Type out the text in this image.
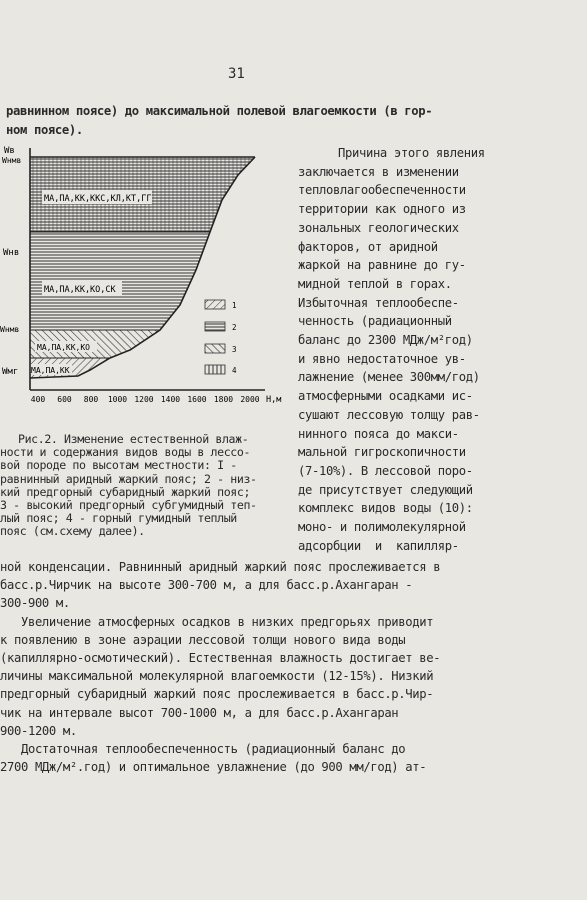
31
равнинном поясе) до максимальной полевой влагоемкости (в гор-
ном поясе).
Причина этого явления
заключается в изменении
тепловлагообеспеченности
территории как одного из
зональных геологических
факторов, от аридной
жаркой на равнине до гу-
мидной теплой в горах.
Избыточная теплообеспе-
ченность (радиационный
баланс до 2300 МДж/м²год)
и явно недостаточное ув-
лажнение (менее 300мм/год)
атмосферными осадками ис-
сушают лессовую толщу рав-
нинного пояса до макси-
мальной гигроскопичности
(7-10%). В лессовой поро-
де присутствует следующий
комплекс видов воды (10):
моно- и полимолекулярной
адсорбции  и  капилляр-
МА,ПА,КК,ККС,КЛ,КТ,ГГ
МА,ПА,КК,КО,СК
МА,ПА,КК,КО
МА,ПА,КК
Wв
Wнмв
Wнв
Wнмв
Wмг
400 600 800 1000 1200 1400 1600 1800 2000 Н,м
1
2
3
4
Рис.2. Изменение естественной влаж-
ности и содержания видов воды в лессо-
вой породе по высотам местности: I -
равнинный аридный жаркий пояс; 2 - низ-
кий предгорный субаридный жаркий пояс;
3 - высокий предгорный субгумидный теп-
лый пояс; 4 - горный гумидный теплый
пояс (см.схему далее).
ной конденсации. Равнинный аридный жаркий пояс прослеживается в
басс.р.Чирчик на высоте 300-700 м, а для басс.р.Ахангаран -
300-900 м.
Увеличение атмосферных осадков в низких предгорьях приводит
к появлению в зоне аэрации лессовой толщи нового вида воды
(капиллярно-осмотический). Естественная влажность достигает ве-
личины максимальной молекулярной влагоемкости (12-15%). Низкий
предгорный субаридный жаркий пояс прослеживается в басс.р.Чир-
чик на интервале высот 700-1000 м, а для басс.р.Ахангаран
900-1200 м.
Достаточная теплообеспеченность (радиационный баланс до
2700 МДж/м².год) и оптимальное увлажнение (до 900 мм/год) ат-
